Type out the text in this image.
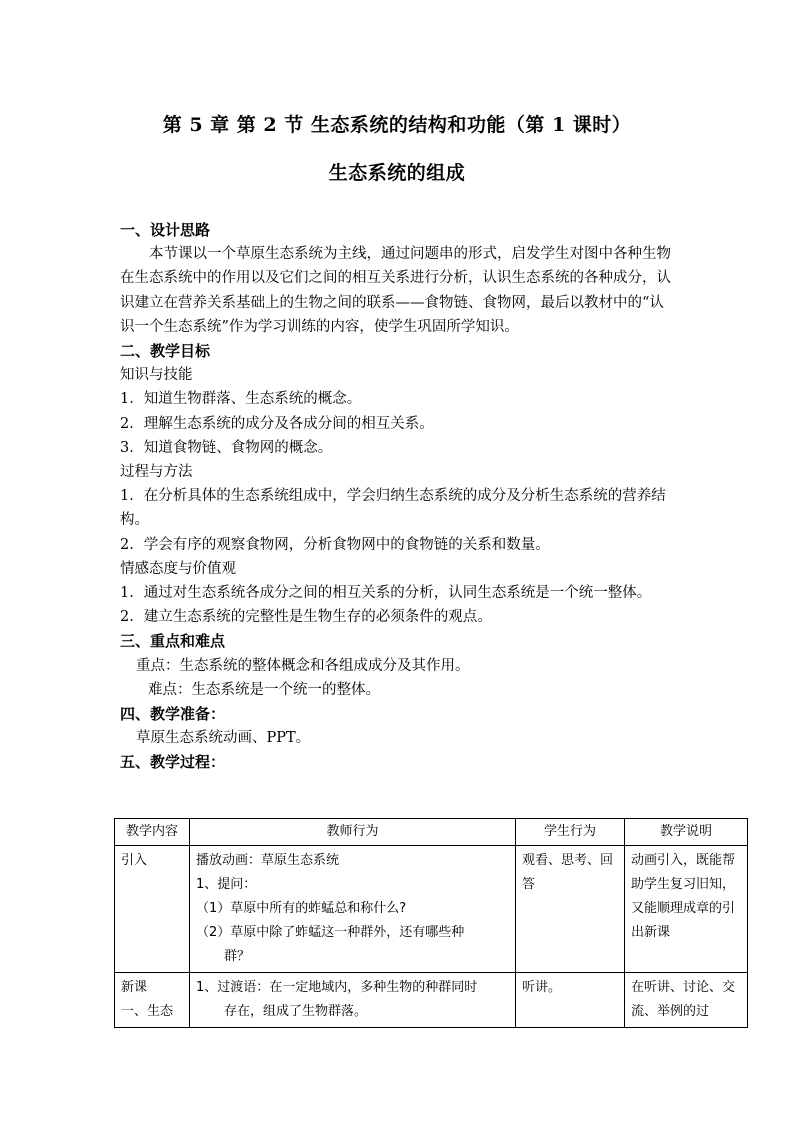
第 5 章 第 2 节 生态系统的结构和功能（第 1 课时）
生态系统的组成
一、设计思路
本节课以一个草原生态系统为主线，通过问题串的形式，启发学生对图中各种生物在生态系统中的作用以及它们之间的相互关系进行分析，认识生态系统的各种成分，认识建立在营养关系基础上的生物之间的联系——食物链、食物网，最后以教材中的“认识一个生态系统”作为学习训练的内容，使学生巩固所学知识。
二、教学目标
知识与技能
1．知道生物群落、生态系统的概念。
2．理解生态系统的成分及各成分间的相互关系。
3．知道食物链、食物网的概念。
过程与方法
1．在分析具体的生态系统组成中，学会归纳生态系统的成分及分析生态系统的营养结构。
2．学会有序的观察食物网，分析食物网中的食物链的关系和数量。
情感态度与价值观
1．通过对生态系统各成分之间的相互关系的分析，认同生态系统是一个统一整体。
2．建立生态系统的完整性是生物生存的必须条件的观点。
三、重点和难点
重点：生态系统的整体概念和各组成成分及其作用。
难点：生态系统是一个统一的整体。
四、教学准备：
草原生态系统动画、PPT。
五、教学过程：
教学内容	教师行为	学生行为	教学说明
引入	播放动画：草原生态系统
1、提问：
（1）草原中所有的蚱蜢总和称什么?
（2）草原中除了蚱蜢这一种群外，还有哪些种
群？	观看、思考、回答	动画引入，既能帮助学生复习旧知，又能顺理成章的引出新课

新课
一、生态	1、过渡语：在一定地域内，多种生物的种群同时
存在，组成了生物群落。	听讲。	在听讲、讨论、交流、举例的过
